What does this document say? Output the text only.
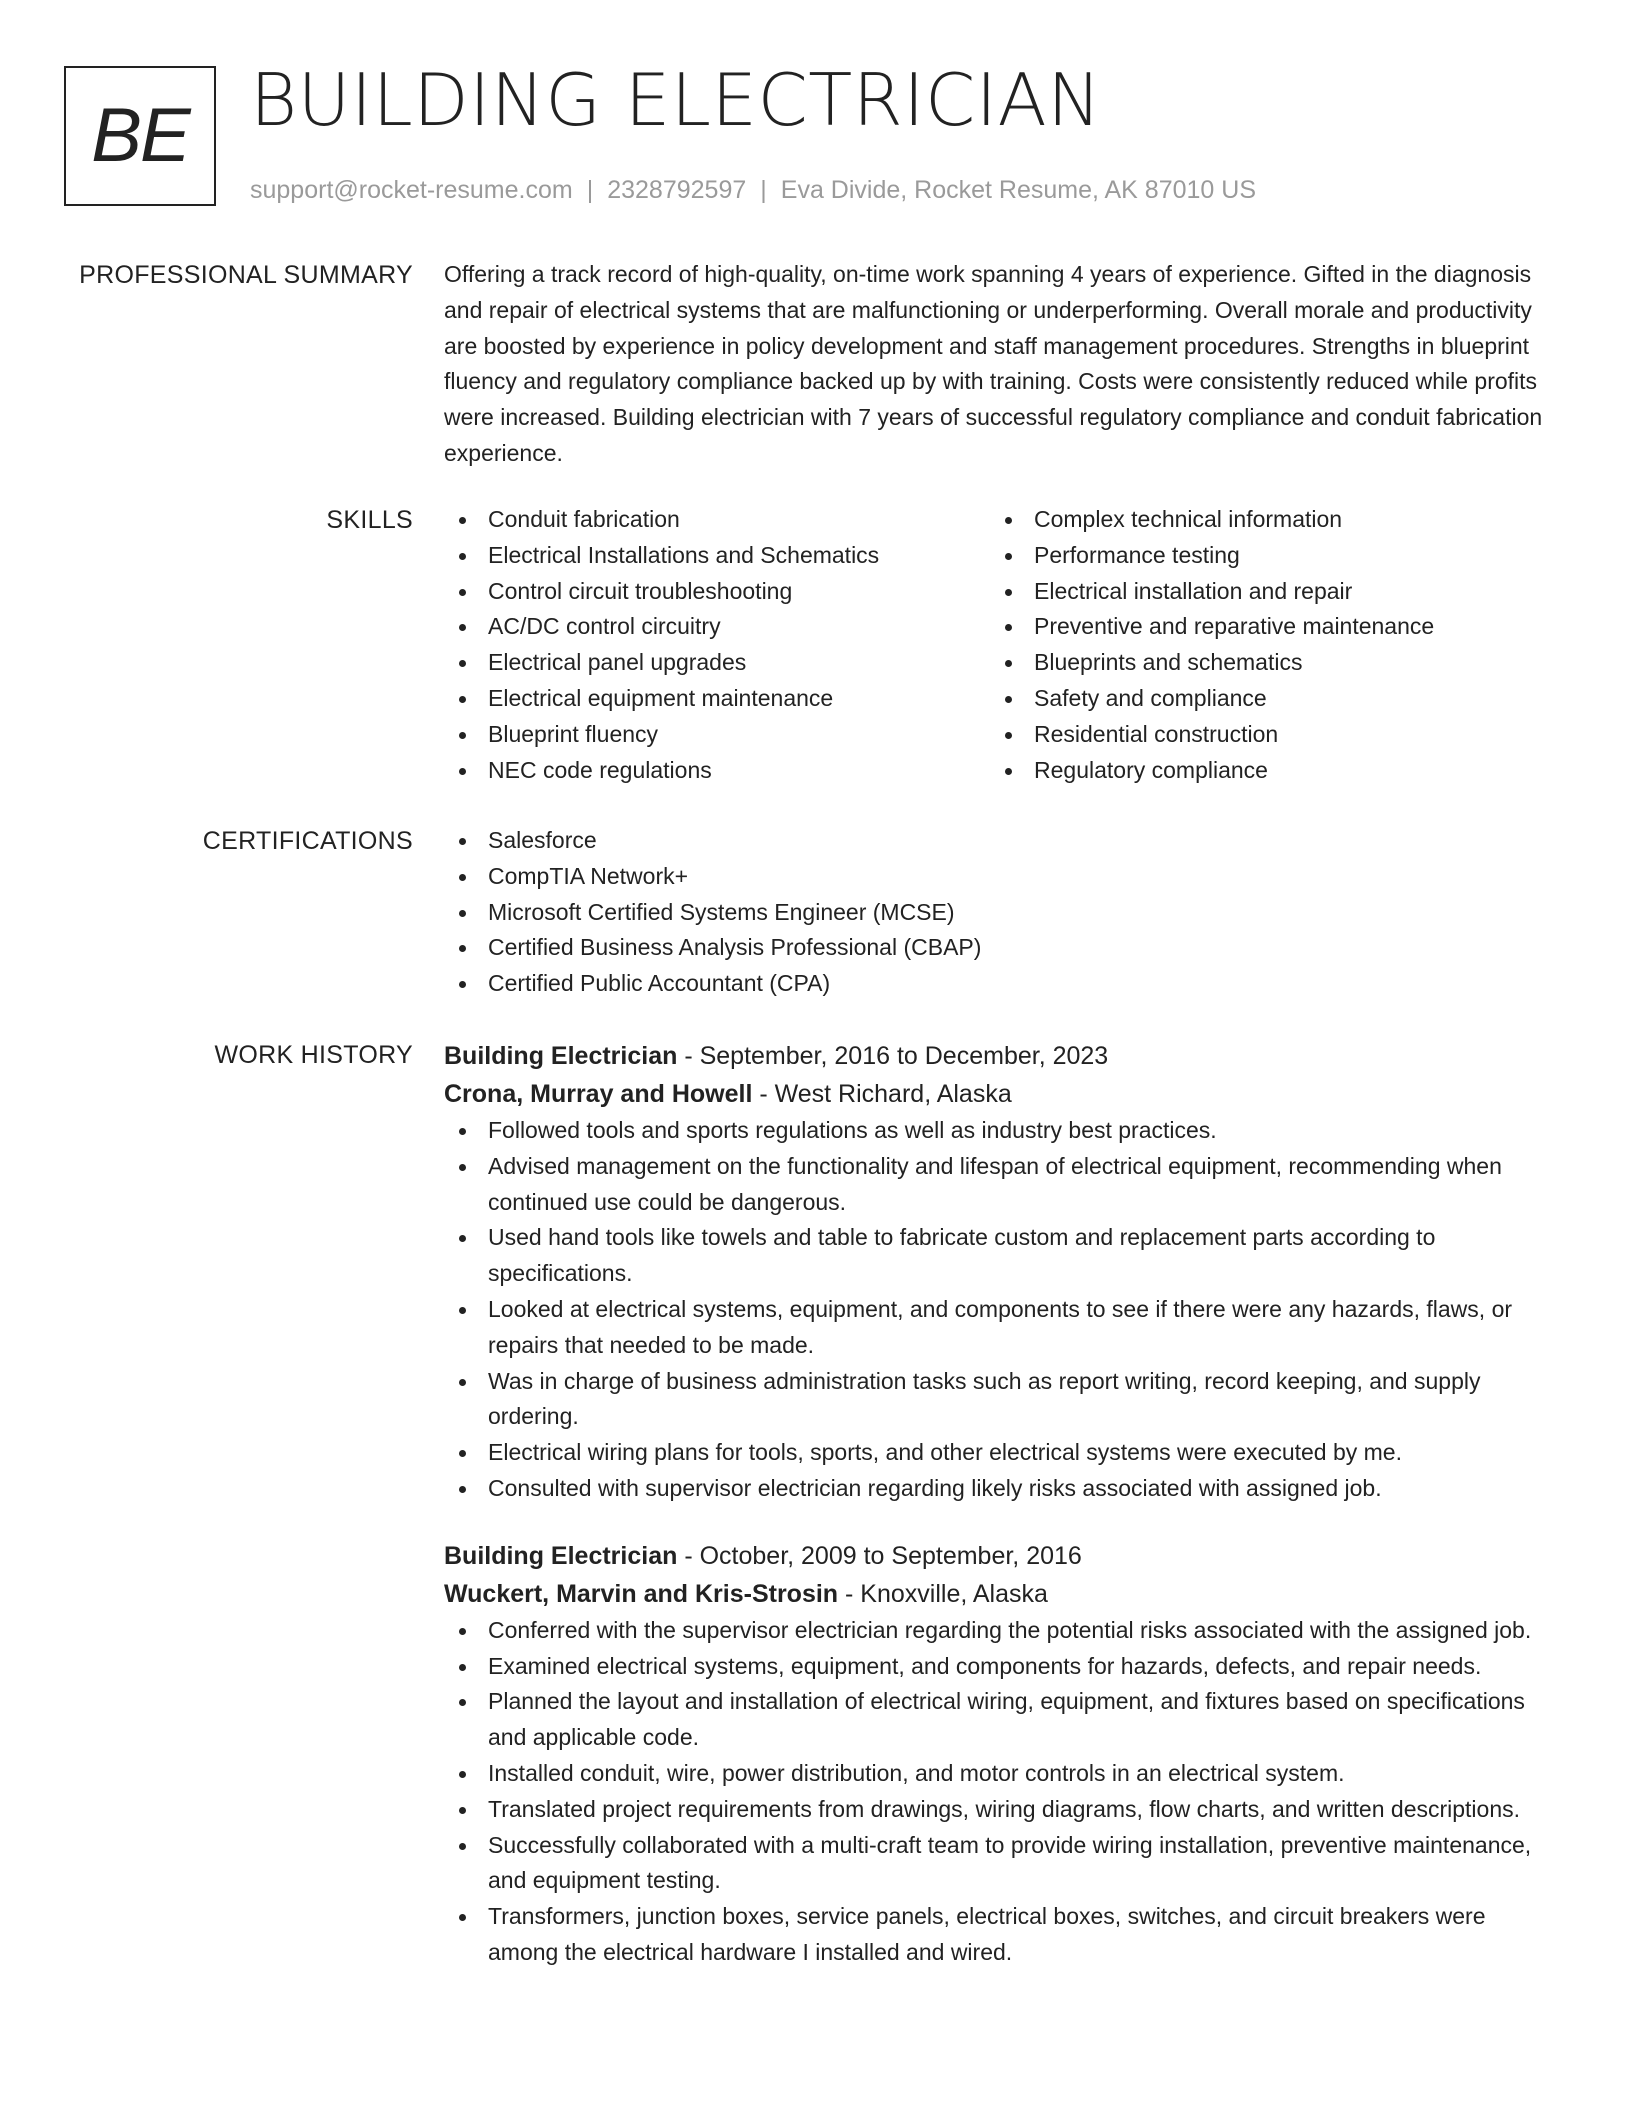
BE BUILDING ELECTRICIAN
support@rocket-resume.com | 2328792597 | Eva Divide, Rocket Resume, AK 87010 US
PROFESSIONAL SUMMARY Offering a track record of high-quality, on-time work spanning 4 years of experience. Gifted in the diagnosis and repair of electrical systems that are malfunctioning or underperforming. Overall morale and productivity are boosted by experience in policy development and staff management procedures. Strengths in blueprint fluency and regulatory compliance backed up by with training. Costs were consistently reduced while profits were increased. Building electrician with 7 years of successful regulatory compliance and conduit fabrication experience.

SKILLS	Conduit fabrication
Electrical Installations and Schematics
Control circuit troubleshooting
AC/DC control circuitry
Electrical panel upgrades
Electrical equipment maintenance
Blueprint fluency
NEC code regulations
Complex technical information
Performance testing
Electrical installation and repair
Preventive and reparative maintenance
Blueprints and schematics
Safety and compliance
Residential construction
Regulatory compliance
CERTIFICATIONS	Salesforce
CompTIA Network+
Microsoft Certified Systems Engineer (MCSE)
Certified Business Analysis Professional (CBAP)
Certified Public Accountant (CPA)
WORK HISTORY Building Electrician - September, 2016 to December, 2023
Crona, Murray and Howell - West Richard, Alaska
Followed tools and sports regulations as well as industry best practices.
Advised management on the functionality and lifespan of electrical equipment, recommending when continued use could be dangerous.
Used hand tools like towels and table to fabricate custom and replacement parts according to specifications.
Looked at electrical systems, equipment, and components to see if there were any hazards, flaws, or repairs that needed to be made.
Was in charge of business administration tasks such as report writing, record keeping, and supply ordering.
Electrical wiring plans for tools, sports, and other electrical systems were executed by me.
Consulted with supervisor electrician regarding likely risks associated with assigned job.
Building Electrician - October, 2009 to September, 2016
Wuckert, Marvin and Kris-Strosin - Knoxville, Alaska
Conferred with the supervisor electrician regarding the potential risks associated with the assigned job.
Examined electrical systems, equipment, and components for hazards, defects, and repair needs.
Planned the layout and installation of electrical wiring, equipment, and fixtures based on specifications and applicable code.
Installed conduit, wire, power distribution, and motor controls in an electrical system.
Translated project requirements from drawings, wiring diagrams, flow charts, and written descriptions.
Successfully collaborated with a multi-craft team to provide wiring installation, preventive maintenance, and equipment testing.
Transformers, junction boxes, service panels, electrical boxes, switches, and circuit breakers were among the electrical hardware I installed and wired.
